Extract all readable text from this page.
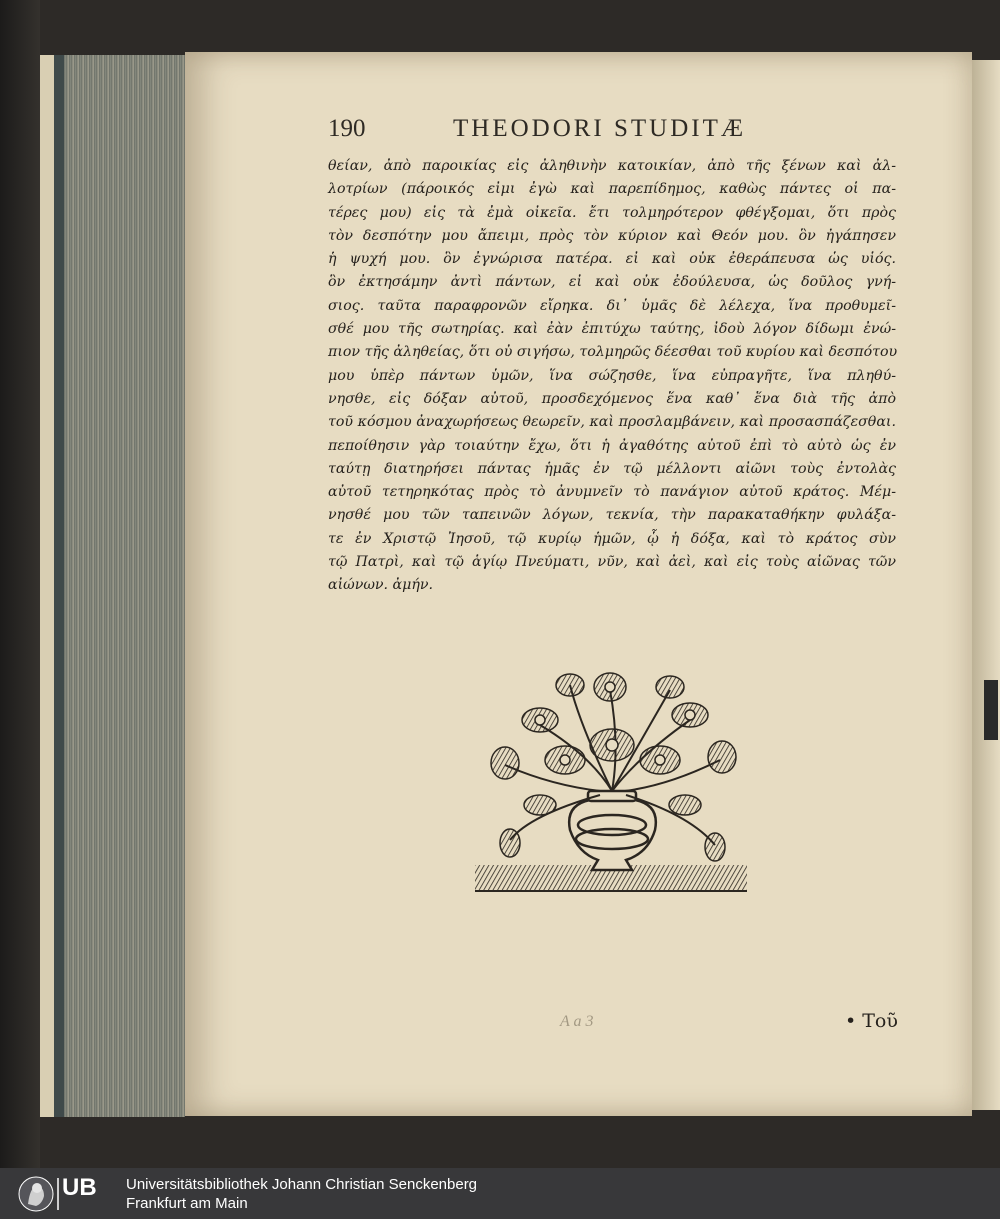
190	THEODORI STUDITÆ
θείαν, ἀπὸ παροικίας εἰς ἀληθινὴν κατοικίαν, ἀπὸ τῆς ξένων καὶ ἀλ-
λοτρίων (πάροικός εἰμι ἐγὼ καὶ παρεπίδημος, καθὼς πάντες οἱ πα-
τέρες μου) εἰς τὰ ἐμὰ οἰκεῖα. ἔτι τολμηρότερον φθέγξομαι, ὅτι πρὸς
τὸν δεσπότην μου ἄπειμι, πρὸς τὸν κύριον καὶ Θεόν μου. ὃν ἠγάπησεν
ἡ ψυχή μου. ὃν ἐγνώρισα πατέρα. εἰ καὶ οὐκ ἐθεράπευσα ὡς υἱός.
ὃν ἐκτησάμην ἀντὶ πάντων, εἰ καὶ οὐκ ἐδούλευσα, ὡς δοῦλος γνή-
σιος. ταῦτα παραφρονῶν εἴρηκα. δι᾽ ὑμᾶς δὲ λέλεχα, ἵνα προθυμεῖ-
σθέ μου τῆς σωτηρίας. καὶ ἐὰν ἐπιτύχω ταύτης, ἰδοὺ λόγον δίδωμι ἐνώ-
πιον τῆς ἀληθείας, ὅτι οὐ σιγήσω, τολμηρῶς δέεσθαι τοῦ κυρίου καὶ δεσπότου
μου ὑπὲρ πάντων ὑμῶν, ἵνα σώζησθε, ἵνα εὐπραγῆτε, ἵνα πληθύ-
νησθε, εἰς δόξαν αὐτοῦ, προσδεχόμενος ἕνα καθ᾽ ἕνα διὰ τῆς ἀπὸ
τοῦ κόσμου ἀναχωρήσεως θεωρεῖν, καὶ προσλαμβάνειν, καὶ προσασπάζεσθαι.
πεποίθησιν γὰρ τοιαύτην ἔχω, ὅτι ἡ ἀγαθότης αὐτοῦ ἐπὶ τὸ αὐτὸ ὡς ἐν
ταύτῃ διατηρήσει πάντας ἡμᾶς ἐν τῷ μέλλοντι αἰῶνι τοὺς ἐντολὰς
αὐτοῦ τετηρηκότας πρὸς τὸ ἀνυμνεῖν τὸ πανάγιον αὐτοῦ κράτος. Μέμ-
νησθέ μου τῶν ταπεινῶν λόγων, τεκνία, τὴν παρακαταθήκην φυλάξα-
τε ἐν Χριστῷ Ἰησοῦ, τῷ κυρίῳ ἡμῶν, ᾧ ἡ δόξα, καὶ τὸ κράτος σὺν
τῷ Πατρὶ, καὶ τῷ ἁγίῳ Πνεύματι, νῦν, καὶ ἀεὶ, καὶ εἰς τοὺς αἰῶνας τῶν
αἰώνων. ἀμήν.
A a 3	• Τοῦ
UB Universitätsbibliothek Johann Christian Senckenberg
Frankfurt am Main
